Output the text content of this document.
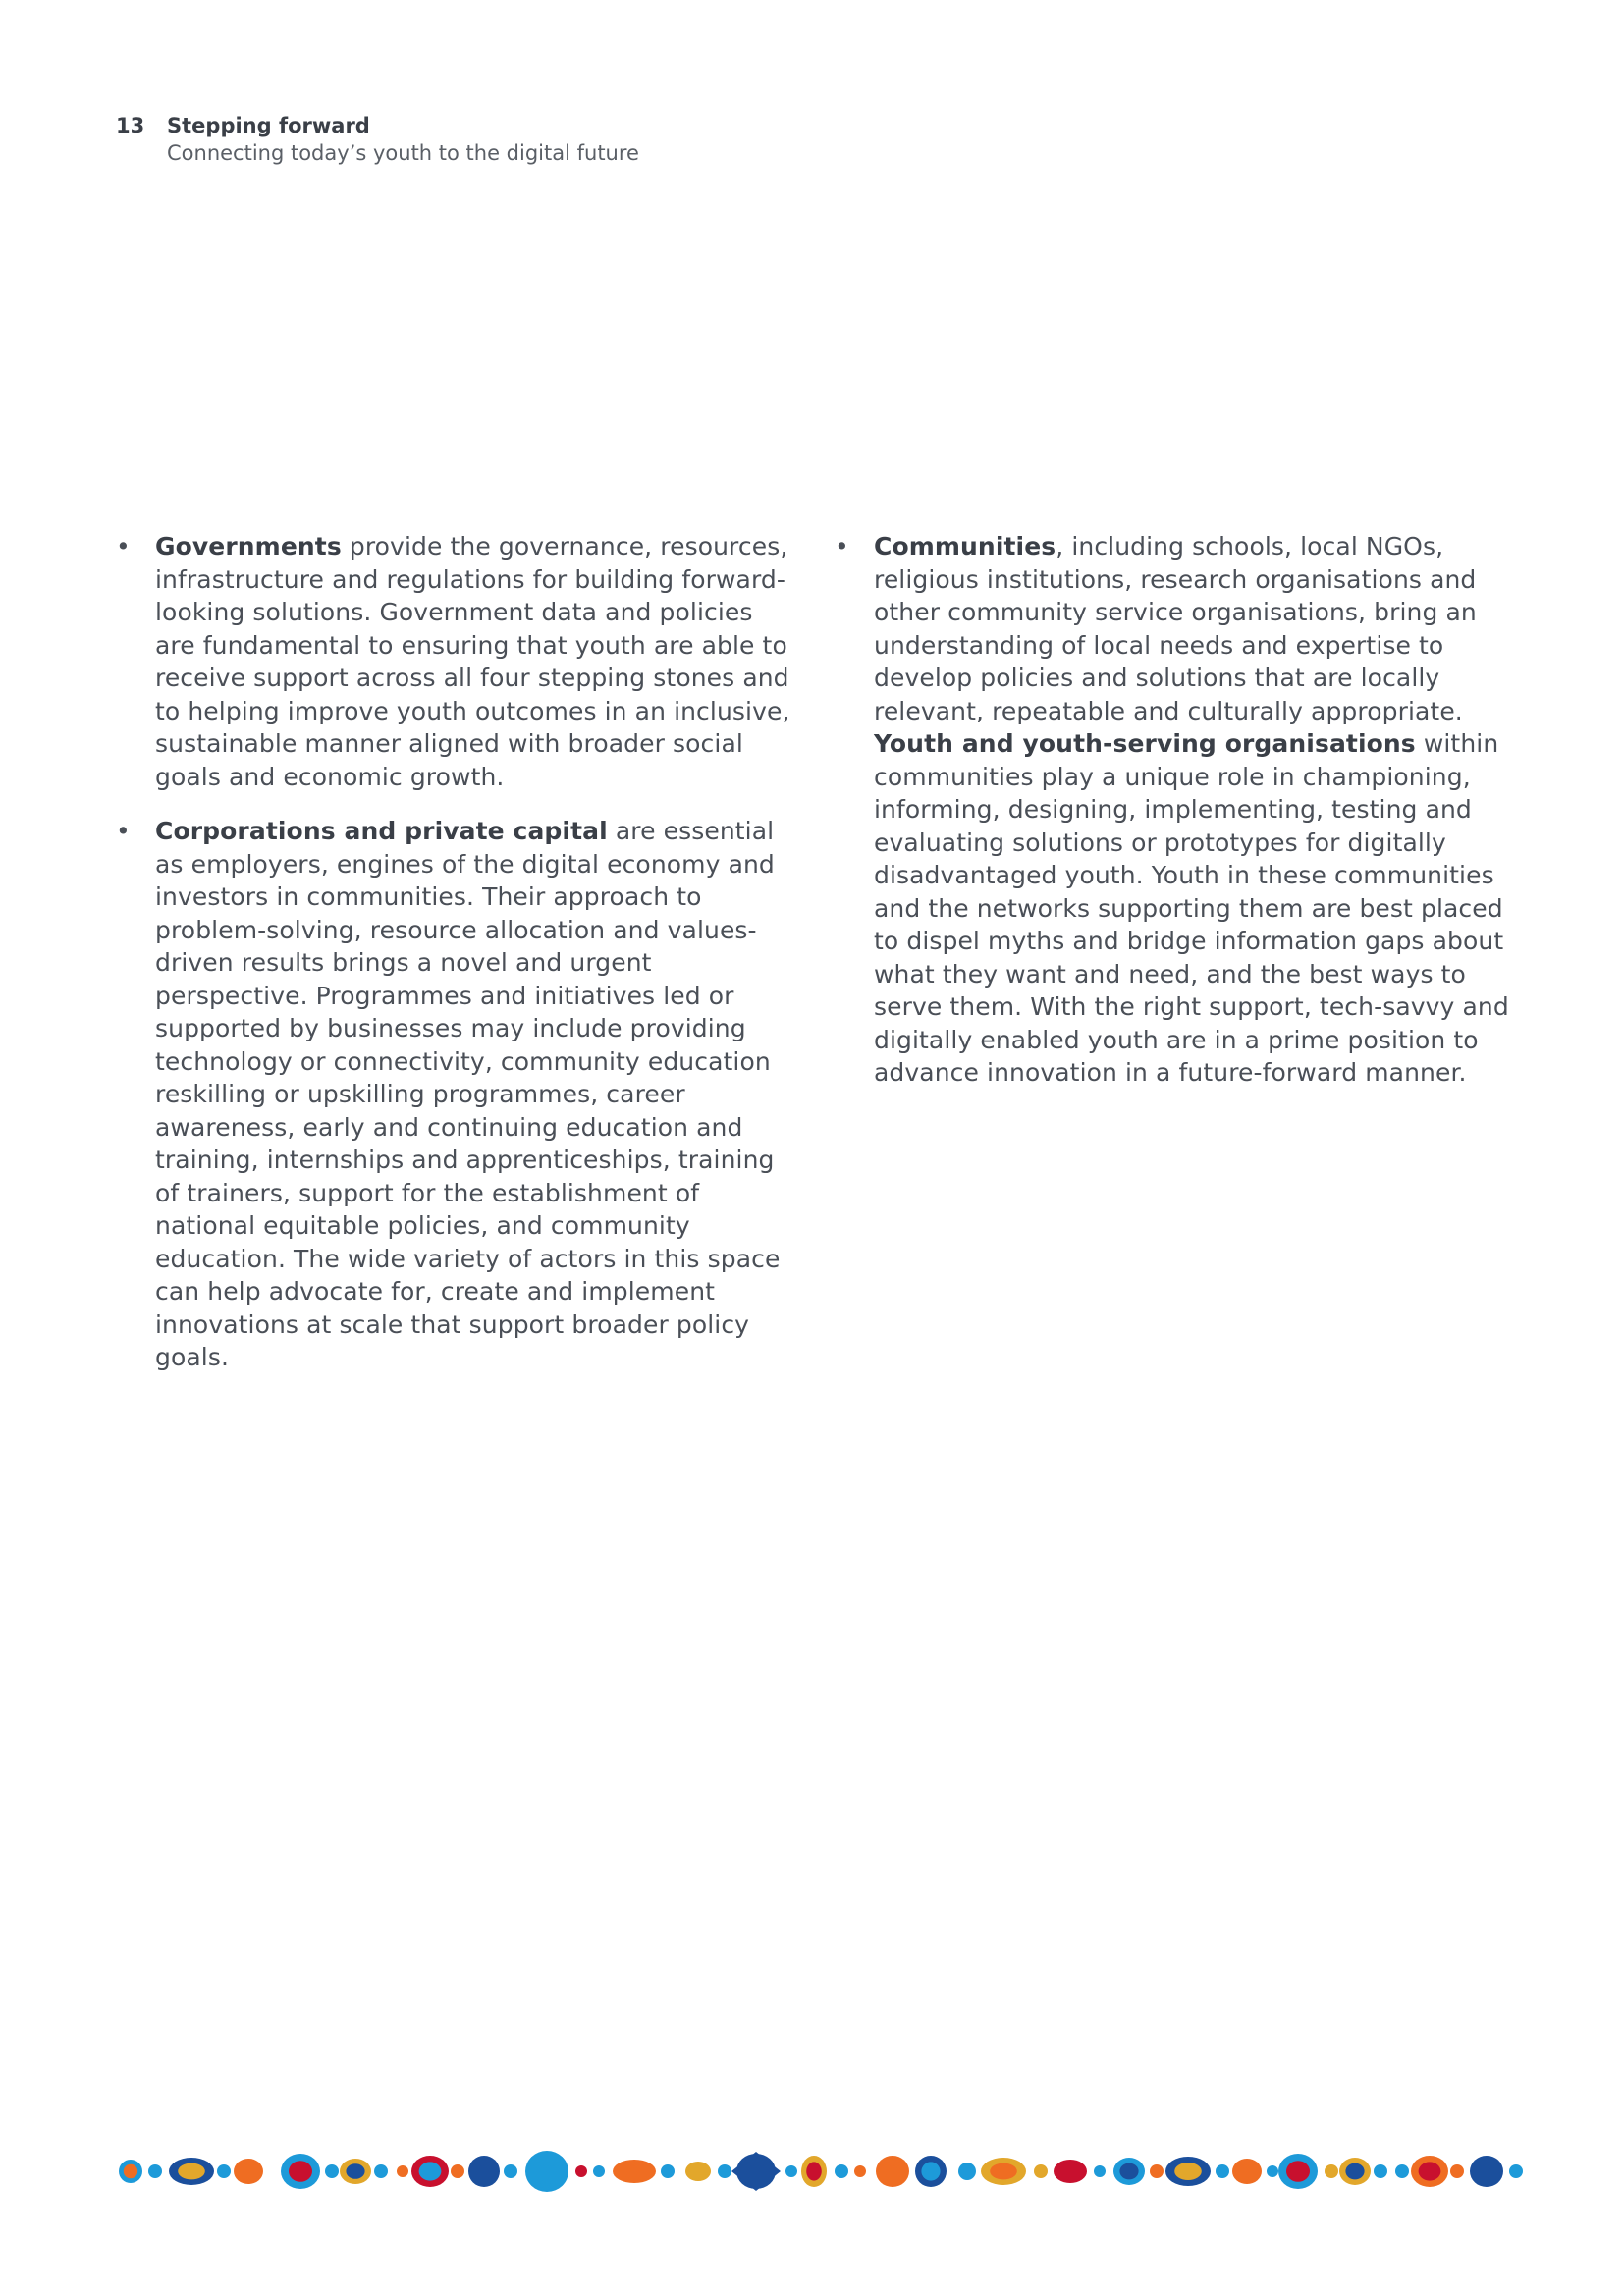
13 Stepping forward
Connecting today’s youth to the digital future
• Governments provide the governance, resources, infrastructure and regulations for building forward-looking solutions. Government data and policies are fundamental to ensuring that youth are able to receive support across all four stepping stones and to helping improve youth outcomes in an inclusive, sustainable manner aligned with broader social goals and economic growth.
• Corporations and private capital are essential as employers, engines of the digital economy and investors in communities. Their approach to problem-solving, resource allocation and values-driven results brings a novel and urgent perspective. Programmes and initiatives led or supported by businesses may include providing technology or connectivity, community education reskilling or upskilling programmes, career awareness, early and continuing education and training, internships and apprenticeships, training of trainers, support for the establishment of national equitable policies, and community education. The wide variety of actors in this space can help advocate for, create and implement innovations at scale that support broader policy goals.
• Communities, including schools, local NGOs, religious institutions, research organisations and other community service organisations, bring an understanding of local needs and expertise to develop policies and solutions that are locally relevant, repeatable and culturally appropriate. Youth and youth-serving organisations within communities play a unique role in championing, informing, designing, implementing, testing and evaluating solutions or prototypes for digitally disadvantaged youth. Youth in these communities and the networks supporting them are best placed to dispel myths and bridge information gaps about what they want and need, and the best ways to serve them. With the right support, tech-savvy and digitally enabled youth are in a prime position to advance innovation in a future-forward manner.
